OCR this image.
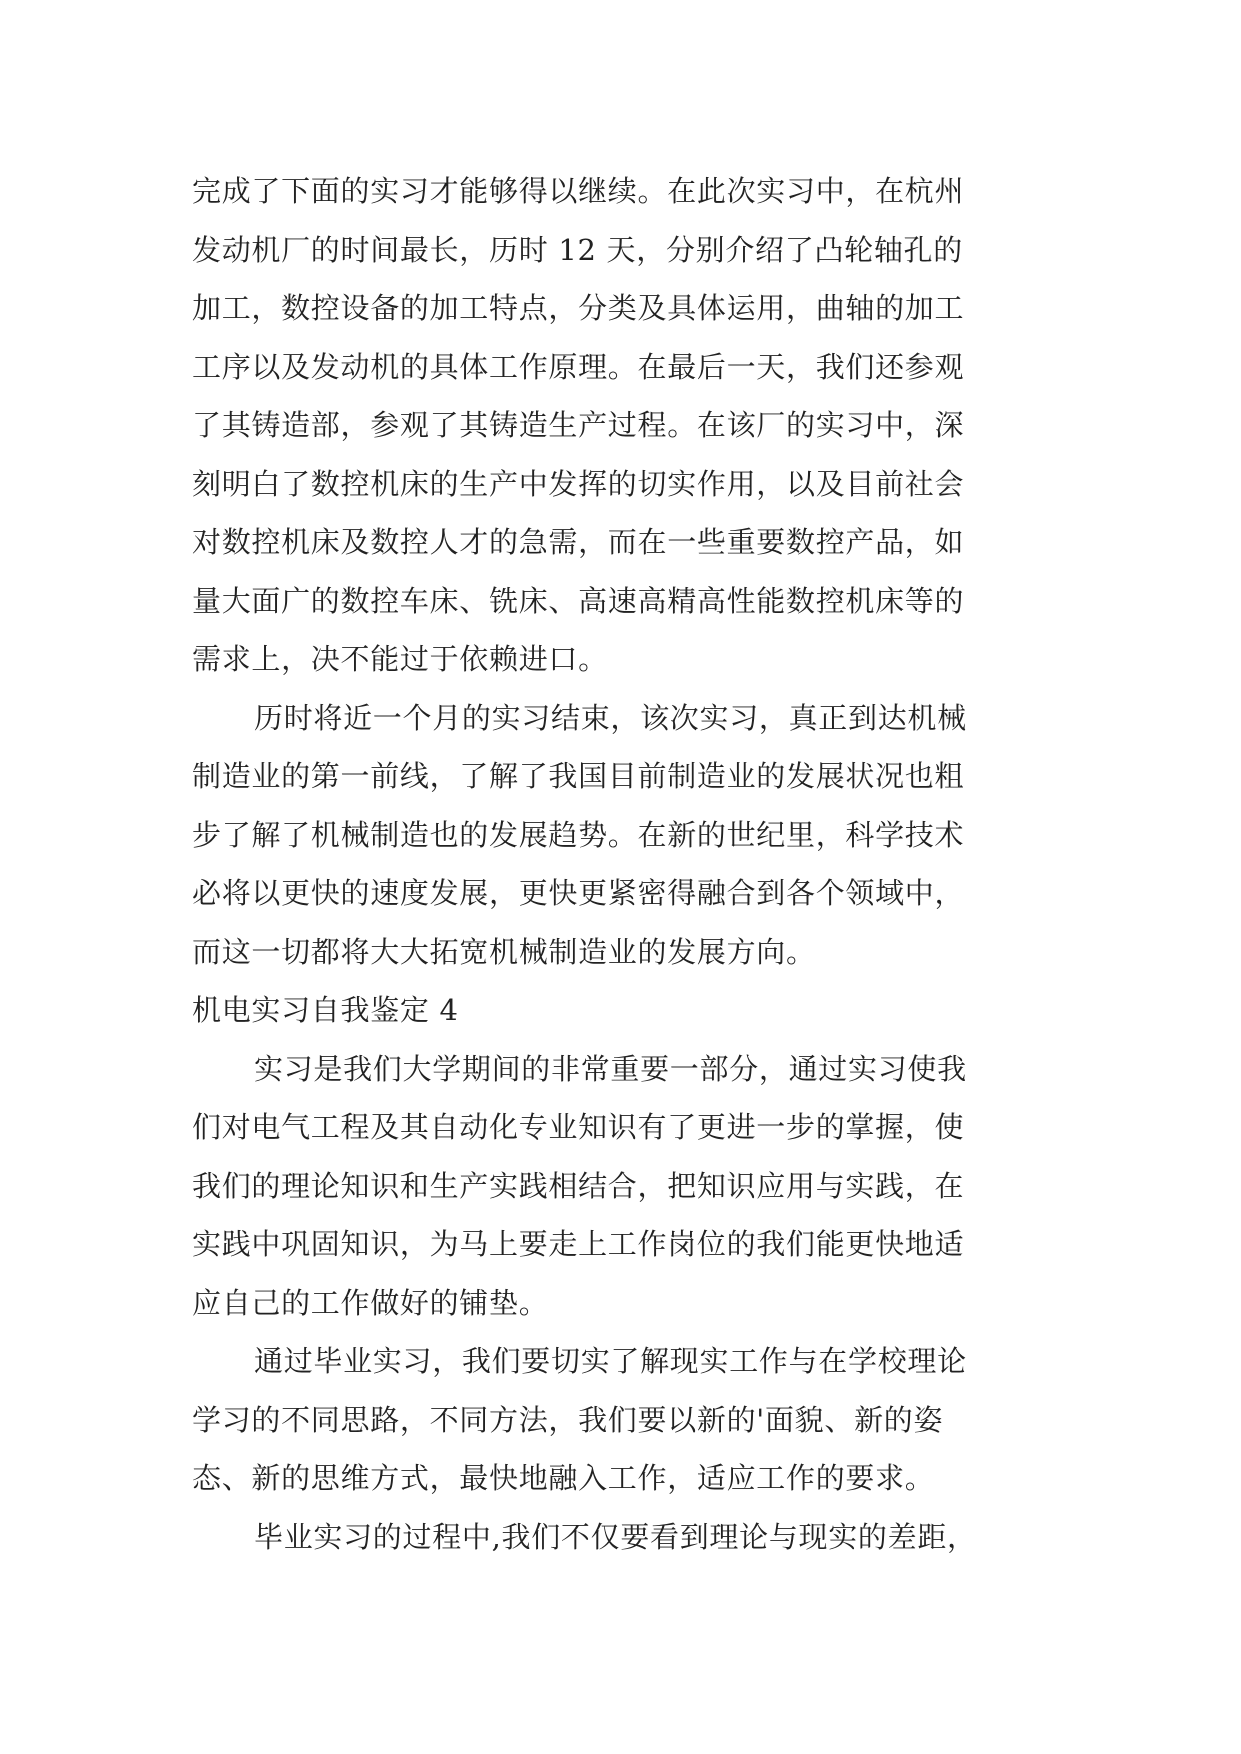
完成了下面的实习才能够得以继续。在此次实习中，在杭州
发动机厂的时间最长，历时 12 天，分别介绍了凸轮轴孔的
加工，数控设备的加工特点，分类及具体运用，曲轴的加工
工序以及发动机的具体工作原理。在最后一天，我们还参观
了其铸造部，参观了其铸造生产过程。在该厂的实习中，深
刻明白了数控机床的生产中发挥的切实作用，以及目前社会
对数控机床及数控人才的急需，而在一些重要数控产品，如
量大面广的数控车床、铣床、高速高精高性能数控机床等的
需求上，决不能过于依赖进口。
历时将近一个月的实习结束，该次实习，真正到达机械
制造业的第一前线，了解了我国目前制造业的发展状况也粗
步了解了机械制造也的发展趋势。在新的世纪里，科学技术
必将以更快的速度发展，更快更紧密得融合到各个领域中，
而这一切都将大大拓宽机械制造业的发展方向。
机电实习自我鉴定 4
实习是我们大学期间的非常重要一部分，通过实习使我
们对电气工程及其自动化专业知识有了更进一步的掌握，使
我们的理论知识和生产实践相结合，把知识应用与实践，在
实践中巩固知识，为马上要走上工作岗位的我们能更快地适
应自己的工作做好的铺垫。
通过毕业实习，我们要切实了解现实工作与在学校理论
学习的不同思路，不同方法，我们要以新的'面貌、新的姿
态、新的思维方式，最快地融入工作，适应工作的要求。
毕业实习的过程中,我们不仅要看到理论与现实的差距，
